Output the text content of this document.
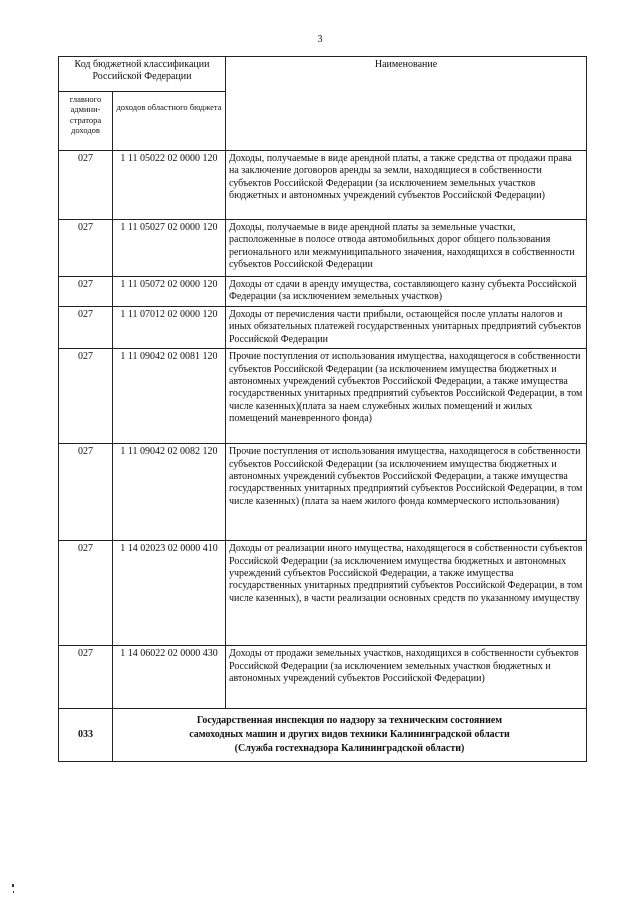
3
Код бюджетной классификации Российской Федерации		Наименование
главного админи-стратора доходов	доходов областного бюджета	
027	1 11 05022 02 0000 120	Доходы, получаемые в виде арендной платы, а также средства от продажи права на заключение договоров аренды за земли, находящиеся в собственности субъектов Российской Федерации (за исключением земельных участков бюджетных и автономных учреждений субъектов Российской Федерации)
027	1 11 05027 02 0000 120	Доходы, получаемые в виде арендной платы за земельные участки, расположенные в полосе отвода автомобильных дорог общего пользования регионального или межмуниципального значения, находящихся в собственности субъектов Российской Федерации
027	1 11 05072 02 0000 120	Доходы от сдачи в аренду имущества, составляющего казну субъекта Российской Федерации (за исключением земельных участков)
027	1 11 07012 02 0000 120	Доходы от перечисления части прибыли, остающейся после уплаты налогов и иных обязательных платежей государственных унитарных предприятий субъектов Российской Федерации
027	1 11 09042 02 0081 120	Прочие поступления от использования имущества, находящегося в собственности субъектов Российской Федерации (за исключением имущества бюджетных и автономных учреждений субъектов Российской Федерации, а также имущества государственных унитарных предприятий субъектов Российской Федерации, в том числе казенных)(плата за наем служебных жилых помещений и жилых помещений маневренного фонда)
027	1 11 09042 02 0082 120	Прочие поступления от использования имущества, находящегося в собственности субъектов Российской Федерации (за исключением имущества бюджетных и автономных учреждений субъектов Российской Федерации, а также имущества государственных унитарных предприятий субъектов Российской Федерации, в том числе казенных) (плата за наем жилого фонда коммерческого использования)
027	1 14 02023 02 0000 410	Доходы от реализации иного имущества, находящегося в собственности субъектов Российской Федерации (за исключением имущества бюджетных и автономных учреждений субъектов Российской Федерации, а также имущества государственных унитарных предприятий субъектов Российской Федерации, в том числе казенных), в части реализации основных средств по указанному имуществу
027	1 14 06022 02 0000 430	Доходы от продажи земельных участков, находящихся в собственности субъектов Российской Федерации (за исключением земельных участков бюджетных и автономных учреждений субъектов Российской Федерации)
033	Государственная инспекция по надзору за техническим состоянием
самоходных машин и других видов техники Калининградской области
(Служба гостехнадзора Калининградской области)	
